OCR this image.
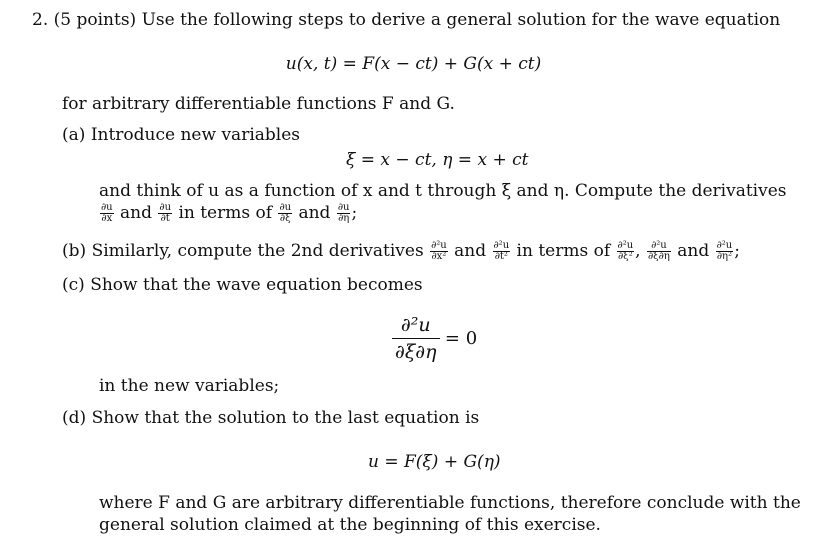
2. (5 points) Use the following steps to derive a general solution for the wave equation
u(x, t) = F(x − ct) + G(x + ct)
for arbitrary differentiable functions F and G.
(a) Introduce new variables
ξ = x − ct, η = x + ct
and think of u as a function of x and t through ξ and η. Compute the derivatives
$\frac{\partial u}{\partial x}$ and $\frac{\partial u}{\partial t}$ in terms of $\frac{\partial u}{\partial\xi}$ and $\frac{\partial u}{\partial\eta}$ ;
(b) Similarly, compute the 2nd derivatives $\frac{\text{∂²u}}{\text{∂x²}}$ and $\frac{\text{∂²u}}{\text{∂t²}}$ in terms of $\frac{\text{∂²u}}{\text{∂ξ²}}$ , $\frac{\text{∂²u}}{\partial\xi\partial\eta}$ and $\frac{\text{∂²u}}{\text{∂η²}}$ ;
(c) Show that the wave equation becomes
$\frac{\text{∂²u}}{\partial\xi\partial\eta} = 0$
in the new variables;
(d) Show that the solution to the last equation is
u = F(ξ) + G(η)
where F and G are arbitrary differentiable functions, therefore conclude with the
general solution claimed at the beginning of this exercise.
